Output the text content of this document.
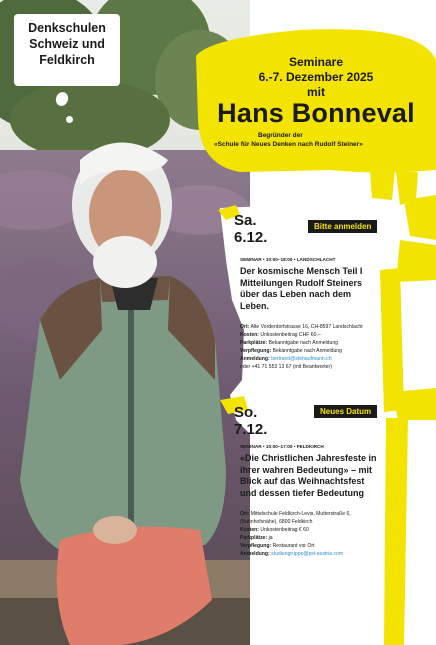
Denkschulen
Schweiz und
Feldkirch	Seminare
6.-7. Dezember 2025
mit
Hans Bonneval
Begründer der
«Schule für Neues Denken nach Rudolf Steiner»
Sa.
6.12.
Bitte anmelden
SEMINAR • 10:00–18:00 • LANDSCHLACHT
Der kosmische Mensch Teil I
Mitteilungen Rudolf Steiners
über das Leben nach dem
Leben.
Ort: Alte Vorderdorfstrasse 16, CH-8597 Landschlacht
Kosten: Unkostenbeitrag CHF 60.–
Parkplätze: Bekanntgabe nach Anmeldung
Verpflegung: Bekanntgabe nach Anmeldung
Anmeldung: bertrand@stehaufmann.ch
oder +41 71 553 13 67 (mit Beantworter)
So.
7.12.
Neues Datum
SEMINAR • 10:00–17:00 • FELDKIRCH
«Die Christlichen Jahresfeste in
ihrer wahren Bedeutung» – mit
Blick auf das Weihnachtsfest
und dessen tiefer Bedeutung
Ort: Mittelschule Feldkirch-Levis, Mutterstraße 6,
(Bahnhofsnähe), 6800 Feldkirch
Kosten: Unkostenbeitrag € 60
Parkplätze: ja
Verpflegung: Restaurant vor Ort
Anmeldung: studiengruppe@psi-austria.com
